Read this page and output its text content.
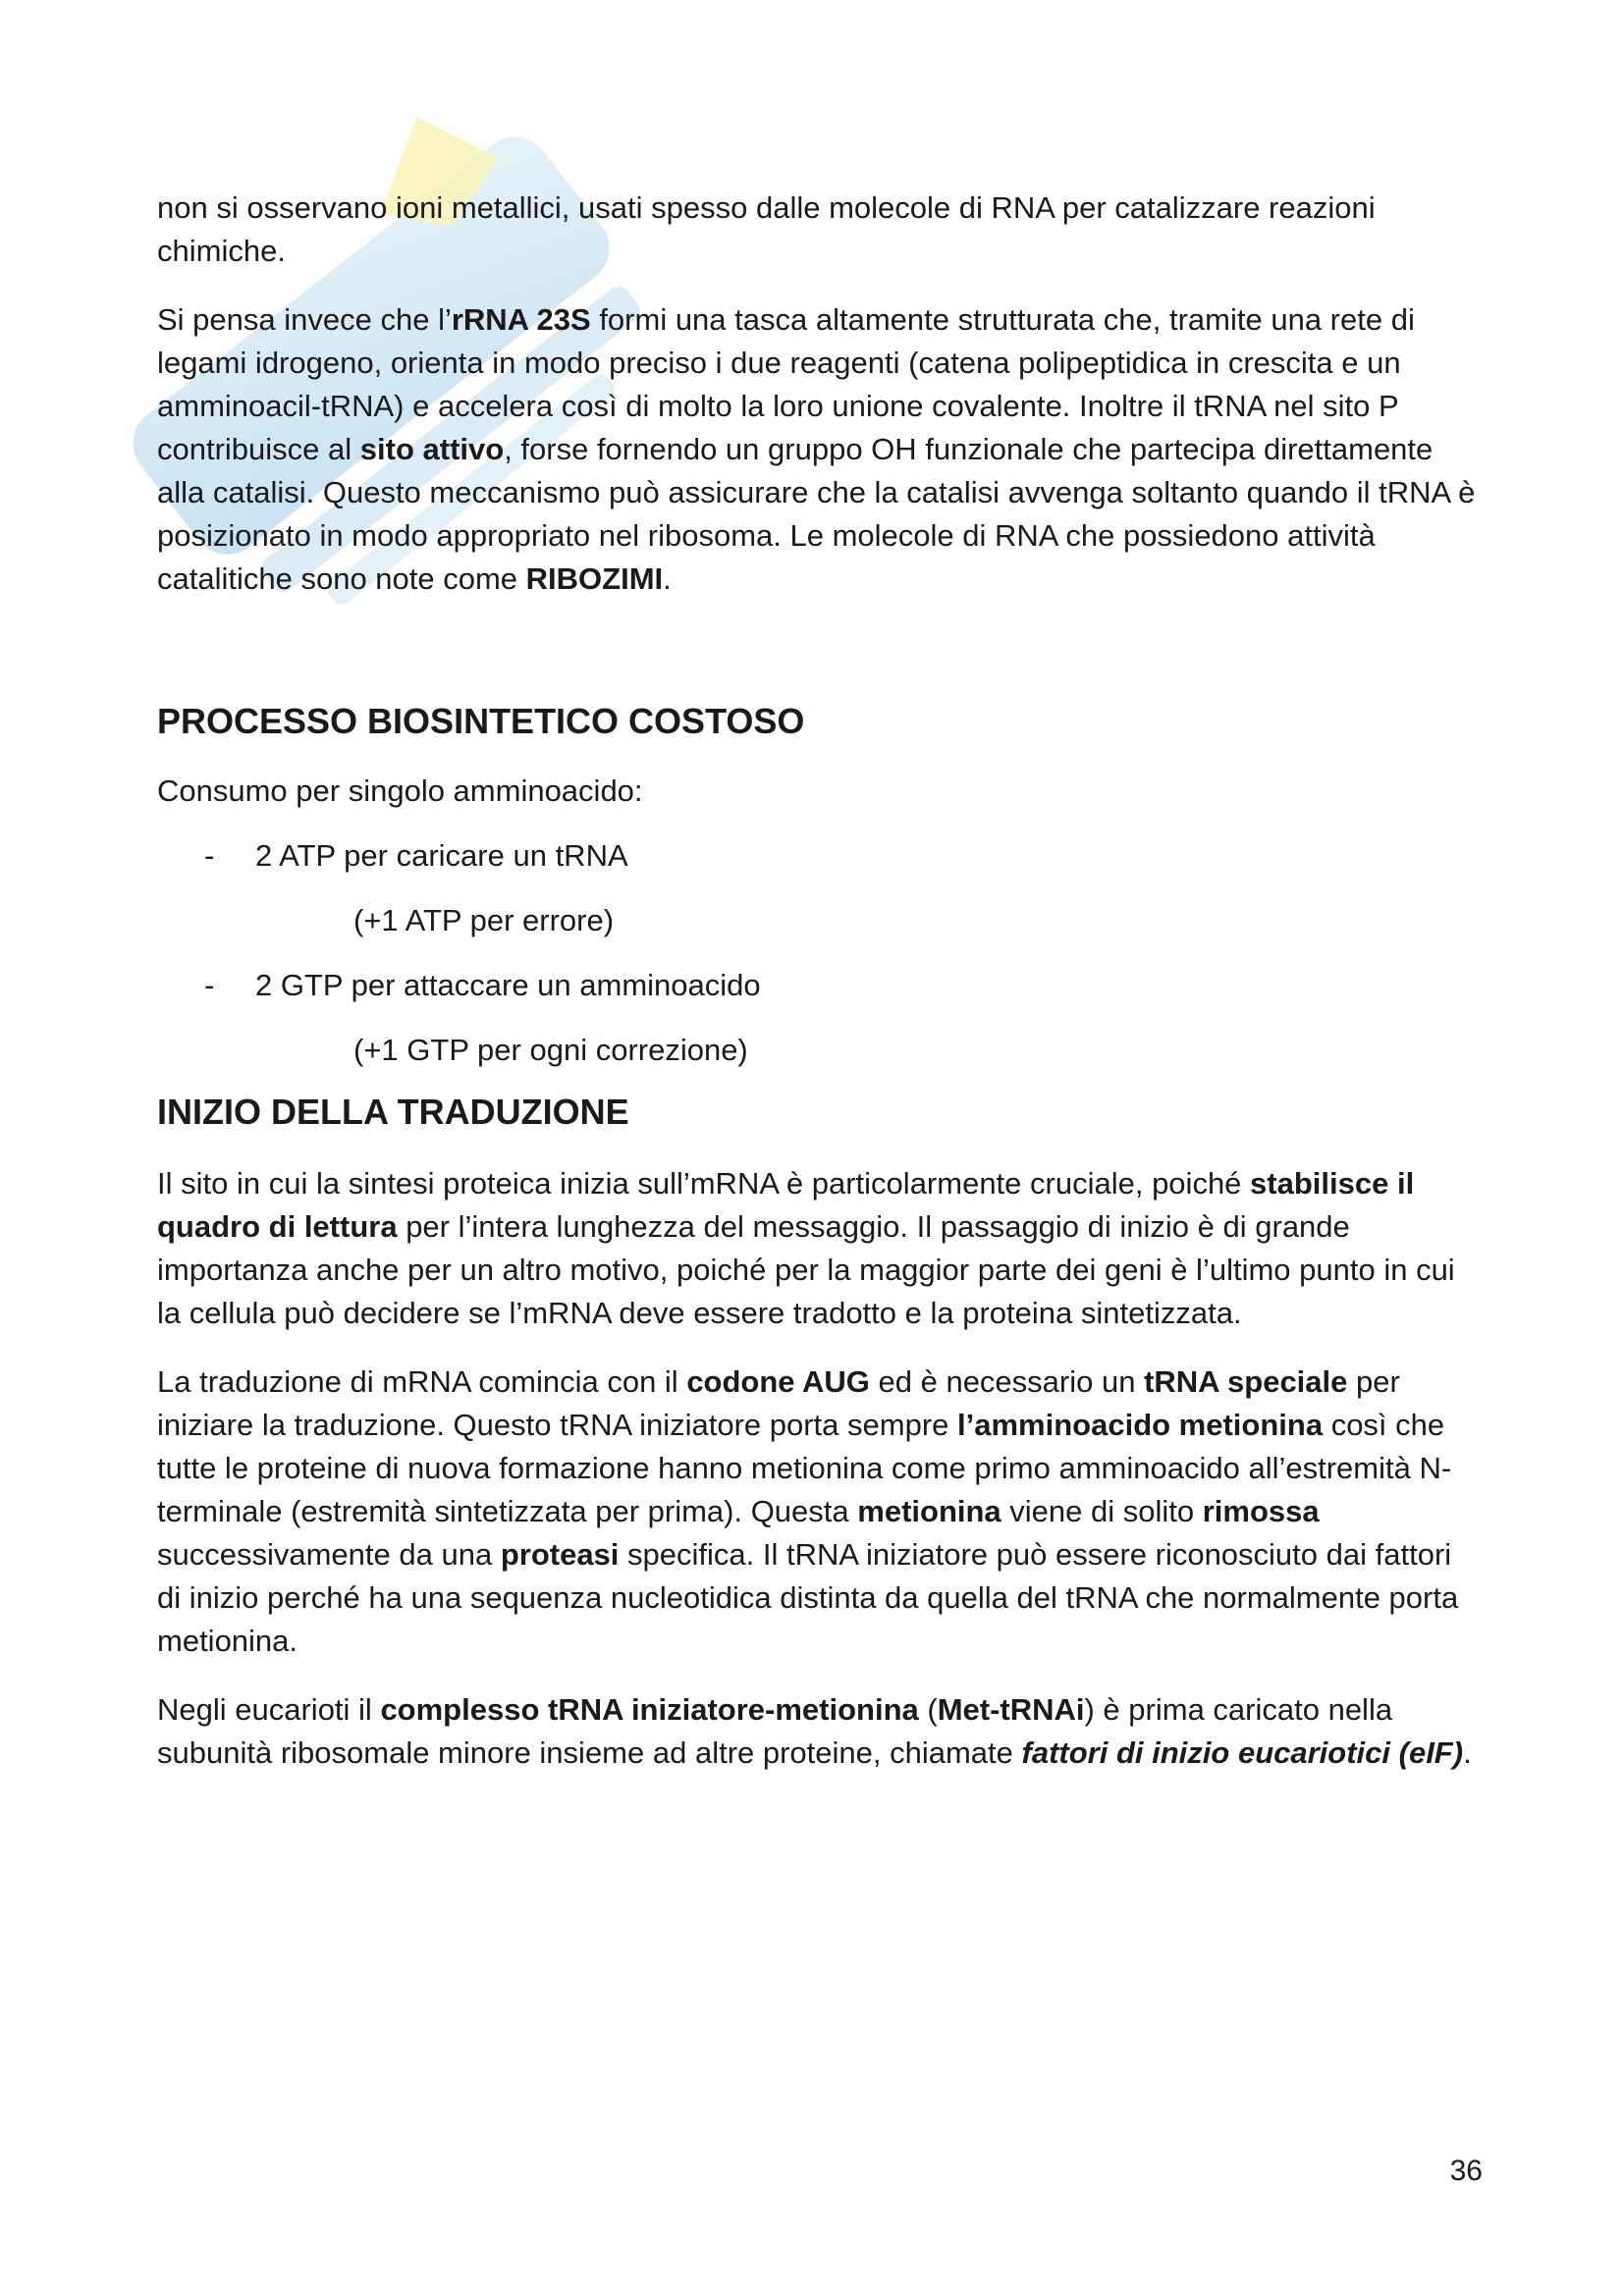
non si osservano ioni metallici, usati spesso dalle molecole di RNA per catalizzare reazioni chimiche.

Si pensa invece che l’rRNA 23S formi una tasca altamente strutturata che, tramite una rete di legami idrogeno, orienta in modo preciso i due reagenti (catena polipeptidica in crescita e un amminoacil-tRNA) e accelera così di molto la loro unione covalente. Inoltre il tRNA nel sito P contribuisce al sito attivo, forse fornendo un gruppo OH funzionale che partecipa direttamente alla catalisi. Questo meccanismo può assicurare che la catalisi avvenga soltanto quando il tRNA è posizionato in modo appropriato nel ribosoma. Le molecole di RNA che possiedono attività catalitiche sono note come RIBOZIMI.

PROCESSO BIOSINTETICO COSTOSO

Consumo per singolo amminoacido:

-	2 ATP per caricare un tRNA
(+1 ATP per errore)
-	2 GTP per attaccare un amminoacido
(+1 GTP per ogni correzione)
INIZIO DELLA TRADUZIONE

Il sito in cui la sintesi proteica inizia sull’mRNA è particolarmente cruciale, poiché stabilisce il quadro di lettura per l’intera lunghezza del messaggio. Il passaggio di inizio è di grande importanza anche per un altro motivo, poiché per la maggior parte dei geni è l’ultimo punto in cui la cellula può decidere se l’mRNA deve essere tradotto e la proteina sintetizzata.

La traduzione di mRNA comincia con il codone AUG ed è necessario un tRNA speciale per iniziare la traduzione. Questo tRNA iniziatore porta sempre l’amminoacido metionina così che tutte le proteine di nuova formazione hanno metionina come primo amminoacido all’estremità N-terminale (estremità sintetizzata per prima). Questa metionina viene di solito rimossa successivamente da una proteasi specifica. Il tRNA iniziatore può essere riconosciuto dai fattori di inizio perché ha una sequenza nucleotidica distinta da quella del tRNA che normalmente porta metionina.

Negli eucarioti il complesso tRNA iniziatore-metionina (Met-tRNAi) è prima caricato nella subunità ribosomale minore insieme ad altre proteine, chiamate fattori di inizio eucariotici (eIF).

36
